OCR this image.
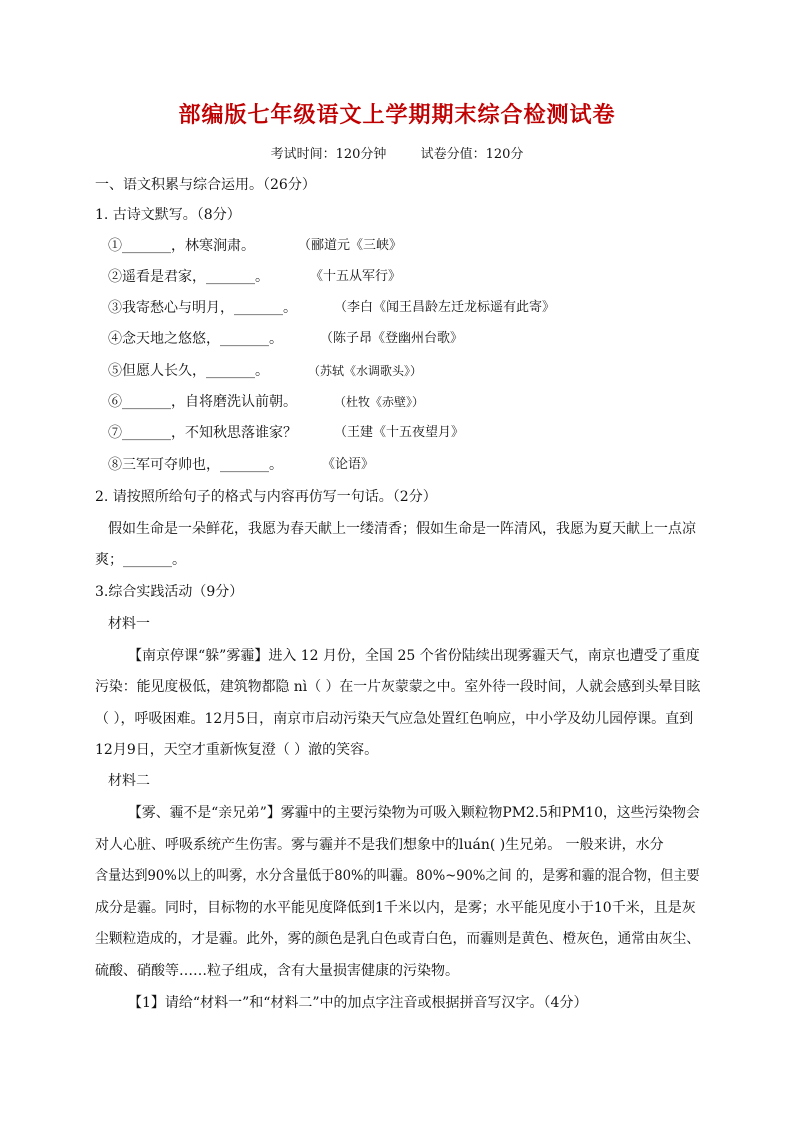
部编版七年级语文上学期期末综合检测试卷
考试时间：120分钟	试卷分值：120分
一、语文积累与综合运用。（26分）
1. 古诗文默写。（8分）
①_______，林寒涧肃。	（郦道元《三峡》
②遥看是君家，_______。	《十五从军行》
③我寄愁心与明月，_______。	（李白《闻王昌龄左迁龙标遥有此寄》
④念天地之悠悠，_______。	（陈子昂《登幽州台歌》
⑤但愿人长久，_______。	（苏轼《水调歌头》）
⑥_______，自将磨洗认前朝。	（杜牧《赤壁》）
⑦_______，不知秋思落谁家？	（王建《十五夜望月》
⑧三军可夺帅也，_______。	《论语》
2. 请按照所给句子的格式与内容再仿写一句话。（2分）
假如生命是一朵鲜花，我愿为春天献上一缕清香；假如生命是一阵清风，我愿为夏天献上一点凉
爽；_______。
3.综合实践活动（9分）
材料一
【南京停课“躲”雾霾】进入 12 月份，全国 25 个省份陆续出现雾霾天气，南京也遭受了重度
污染：能见度极低，建筑物都隐 nì（ ）在一片灰蒙蒙之中。室外待一段时间，人就会感到头晕目眩
（ ），呼吸困难。12月5日，南京市启动污染天气应急处置红色响应，中小学及幼儿园停课。直到
12月9日，天空才重新恢复澄（ ）澈的笑容。
材料二
【雾、霾不是“亲兄弟”】雾霾中的主要污染物为可吸入颗粒物PM2.5和PM10，这些污染物会
对人心脏、呼吸系统产生伤害。雾与霾并不是我们想象中的luán( )生兄弟。 一般来讲，水分
含量达到90%以上的叫雾，水分含量低于80%的叫霾。80%~90%之间 的，是雾和霾的混合物，但主要
成分是霾。同时，目标物的水平能见度降低到1千米以内，是雾；水平能见度小于10千米，且是灰
尘颗粒造成的，才是霾。此外，雾的颜色是乳白色或青白色，而霾则是黄色、橙灰色，通常由灰尘、
硫酸、硝酸等……粒子组成，含有大量损害健康的污染物。
【1】请给“材料一”和“材料二”中的加点字注音或根据拼音写汉字。（4分）
